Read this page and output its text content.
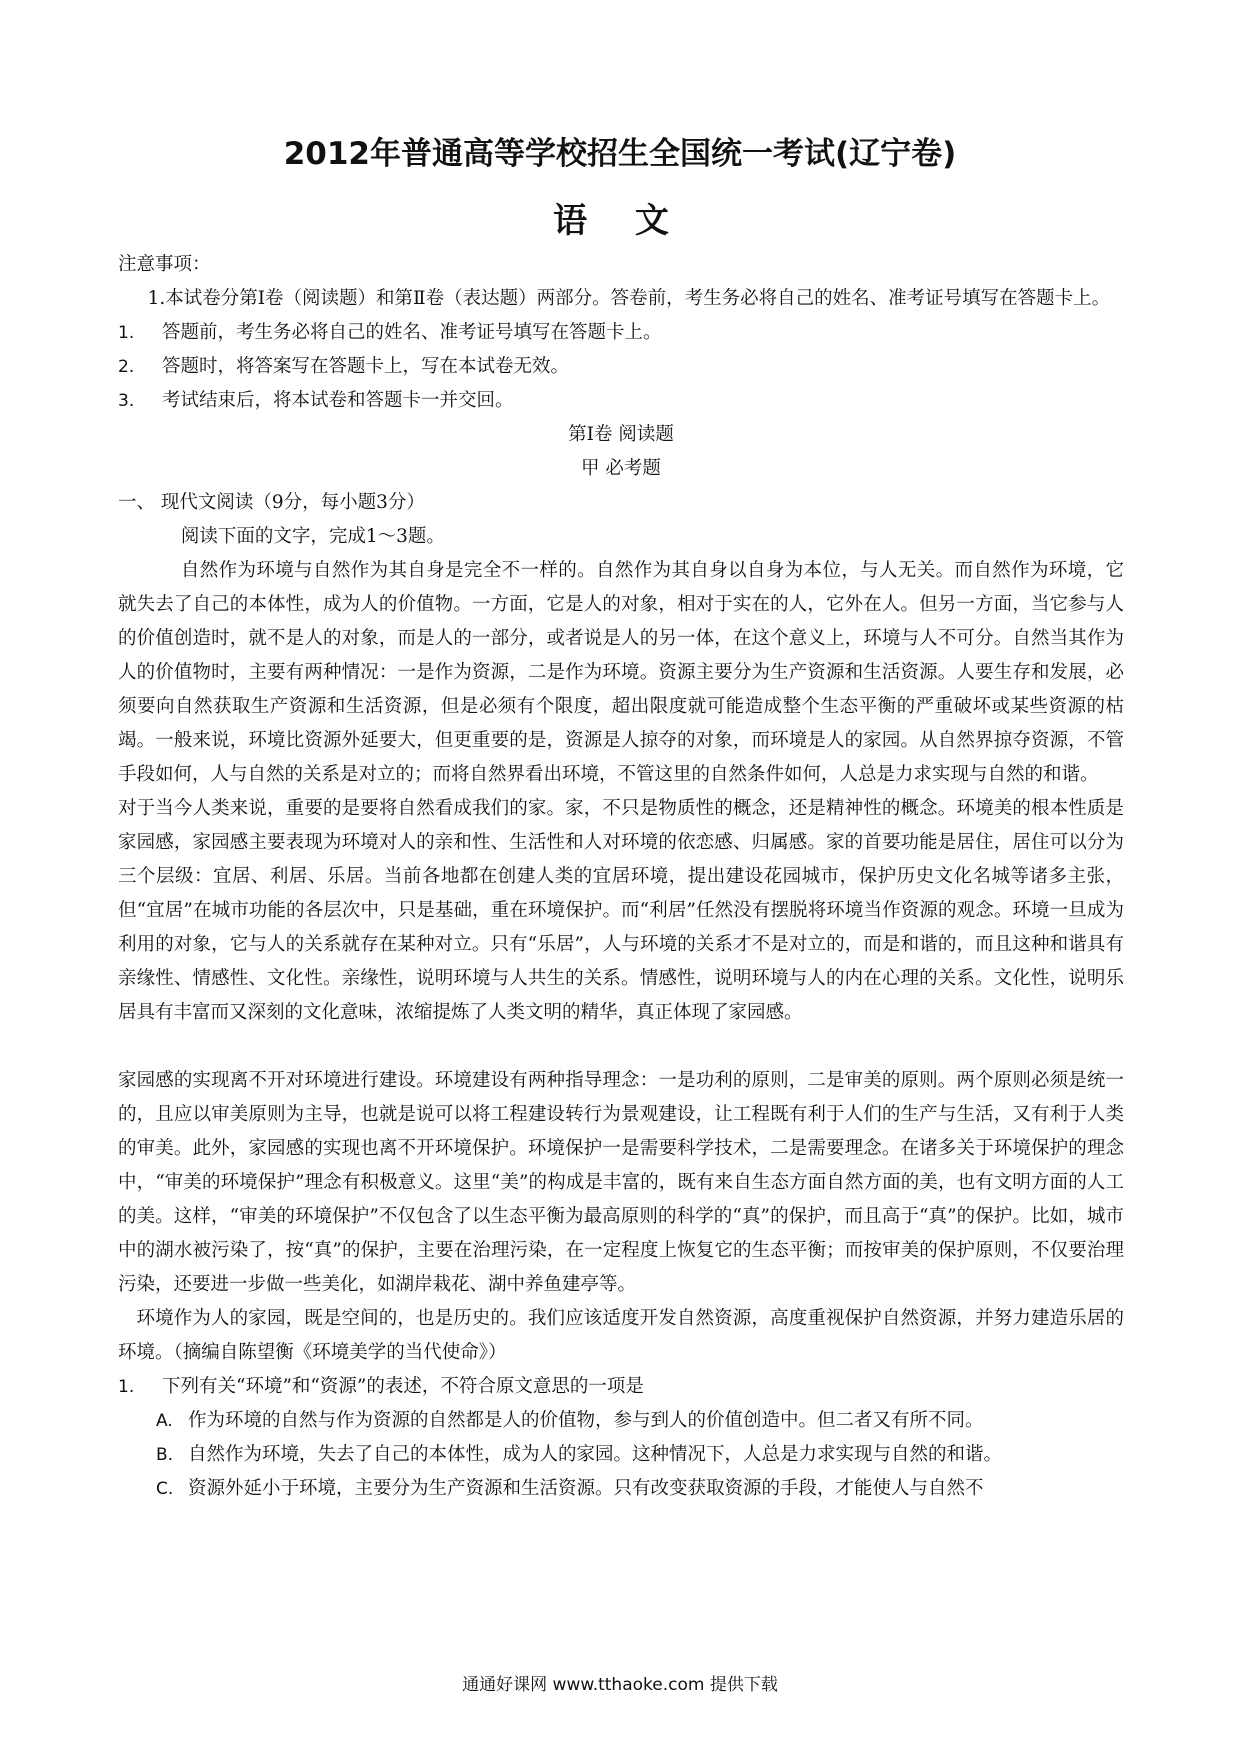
2012年普通高等学校招生全国统一考试(辽宁卷)
语 文

注意事项：

1.本试卷分第Ⅰ卷（阅读题）和第Ⅱ卷（表达题）两部分。答卷前，考生务必将自己的姓名、准考证号填写在答题卡上。

1.	答题前，考生务必将自己的姓名、准考证号填写在答题卡上。
2.	答题时，将答案写在答题卡上，写在本试卷无效。
3.	考试结束后，将本试卷和答题卡一并交回。

第Ⅰ卷 阅读题

甲 必考题

一、 现代文阅读（9分，每小题3分）

阅读下面的文字，完成1～3题。

自然作为环境与自然作为其自身是完全不一样的。自然作为其自身以自身为本位，与人无关。而自然作为环境，它就失去了自己的本体性，成为人的价值物。一方面，它是人的对象，相对于实在的人，它外在人。但另一方面，当它参与人的价值创造时，就不是人的对象，而是人的一部分，或者说是人的另一体，在这个意义上，环境与人不可分。自然当其作为人的价值物时，主要有两种情况：一是作为资源，二是作为环境。资源主要分为生产资源和生活资源。人要生存和发展，必须要向自然获取生产资源和生活资源，但是必须有个限度，超出限度就可能造成整个生态平衡的严重破坏或某些资源的枯竭。一般来说，环境比资源外延要大，但更重要的是，资源是人掠夺的对象，而环境是人的家园。从自然界掠夺资源，不管手段如何，人与自然的关系是对立的；而将自然界看出环境，不管这里的自然条件如何，人总是力求实现与自然的和谐。

对于当今人类来说，重要的是要将自然看成我们的家。家，不只是物质性的概念，还是精神性的概念。环境美的根本性质是家园感，家园感主要表现为环境对人的亲和性、生活性和人对环境的依恋感、归属感。家的首要功能是居住，居住可以分为三个层级：宜居、利居、乐居。当前各地都在创建人类的宜居环境，提出建设花园城市，保护历史文化名城等诸多主张，但“宜居”在城市功能的各层次中，只是基础，重在环境保护。而“利居”任然没有摆脱将环境当作资源的观念。环境一旦成为利用的对象，它与人的关系就存在某种对立。只有“乐居”，人与环境的关系才不是对立的，而是和谐的，而且这种和谐具有亲缘性、情感性、文化性。亲缘性，说明环境与人共生的关系。情感性，说明环境与人的内在心理的关系。文化性，说明乐居具有丰富而又深刻的文化意味，浓缩提炼了人类文明的精华，真正体现了家园感。

家园感的实现离不开对环境进行建设。环境建设有两种指导理念：一是功利的原则，二是审美的原则。两个原则必须是统一的，且应以审美原则为主导，也就是说可以将工程建设转行为景观建设，让工程既有利于人们的生产与生活，又有利于人类的审美。此外，家园感的实现也离不开环境保护。环境保护一是需要科学技术，二是需要理念。在诸多关于环境保护的理念中，“审美的环境保护”理念有积极意义。这里“美”的构成是丰富的，既有来自生态方面自然方面的美，也有文明方面的人工的美。这样，“审美的环境保护”不仅包含了以生态平衡为最高原则的科学的“真”的保护，而且高于“真”的保护。比如，城市中的湖水被污染了，按“真”的保护，主要在治理污染，在一定程度上恢复它的生态平衡；而按审美的保护原则，不仅要治理污染，还要进一步做一些美化，如湖岸栽花、湖中养鱼建亭等。

环境作为人的家园，既是空间的，也是历史的。我们应该适度开发自然资源，高度重视保护自然资源，并努力建造乐居的环境。（摘编自陈望衡《环境美学的当代使命》）

1.	下列有关“环境”和“资源”的表述，不符合原文意思的一项是
A. 作为环境的自然与作为资源的自然都是人的价值物，参与到人的价值创造中。但二者又有所不同。
B. 自然作为环境，失去了自己的本体性，成为人的家园。这种情况下，人总是力求实现与自然的和谐。
C. 资源外延小于环境，主要分为生产资源和生活资源。只有改变获取资源的手段，才能使人与自然不
通通好课网 www.tthaoke.com 提供下载
